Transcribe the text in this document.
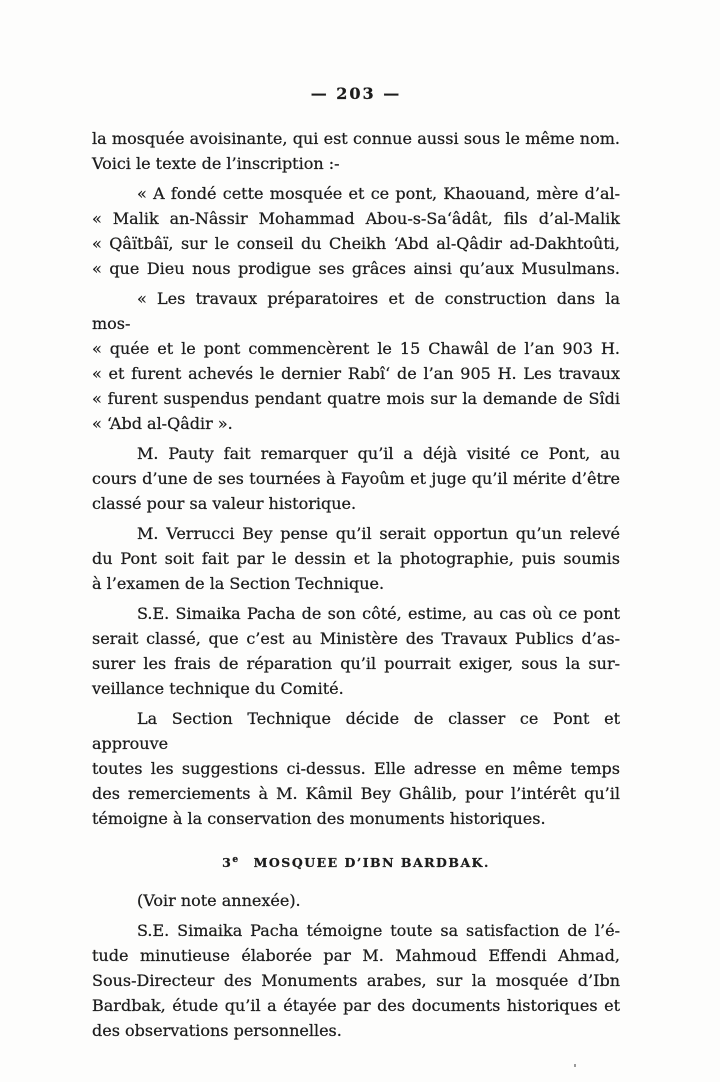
— 203 —
la mosquée avoisinante, qui est connue aussi sous le même nom.
Voici le texte de l’inscription :-
« A fondé cette mosquée et ce pont, Khaouand, mère d’al-
« Malik an-Nâssir Mohammad Abou-s-Sa‘âdât, fils d’al-Malik
« Qâïtbâï, sur le conseil du Cheikh ‘Abd al-Qâdir ad-Dakhtoûti,
« que Dieu nous prodigue ses grâces ainsi qu’aux Musulmans.
« Les travaux préparatoires et de construction dans la mos-
« quée et le pont commencèrent le 15 Chawâl de l’an 903 H.
« et furent achevés le dernier Rabî‘ de l’an 905 H. Les travaux
« furent suspendus pendant quatre mois sur la demande de Sîdi
« ‘Abd al-Qâdir ».
M. Pauty fait remarquer qu’il a déjà visité ce Pont, au
cours d’une de ses tournées à Fayoûm et juge qu’il mérite d’être
classé pour sa valeur historique.
M. Verrucci Bey pense qu’il serait opportun qu’un relevé
du Pont soit fait par le dessin et la photographie, puis soumis
à l’examen de la Section Technique.
S.E. Simaika Pacha de son côté, estime, au cas où ce pont
serait classé, que c’est au Ministère des Travaux Publics d’as-
surer les frais de réparation qu’il pourrait exiger, sous la sur-
veillance technique du Comité.
La Section Technique décide de classer ce Pont et approuve
toutes les suggestions ci-dessus. Elle adresse en même temps
des remerciements à M. Kâmil Bey Ghâlib, pour l’intérêt qu’il
témoigne à la conservation des monuments historiques.
3e MOSQUEE D’IBN BARDBAK.
(Voir note annexée).
S.E. Simaika Pacha témoigne toute sa satisfaction de l’é-
tude minutieuse élaborée par M. Mahmoud Effendi Ahmad,
Sous-Directeur des Monuments arabes, sur la mosquée d’Ibn
Bardbak, étude qu’il a étayée par des documents historiques et
des observations personnelles.
